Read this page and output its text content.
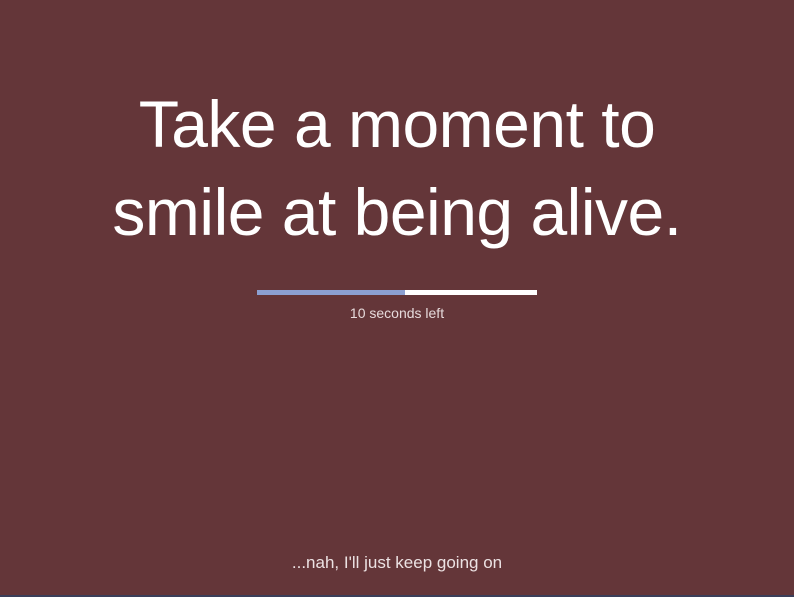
Take a moment to
smile at being alive.
10 seconds left
...nah, I'll just keep going on
